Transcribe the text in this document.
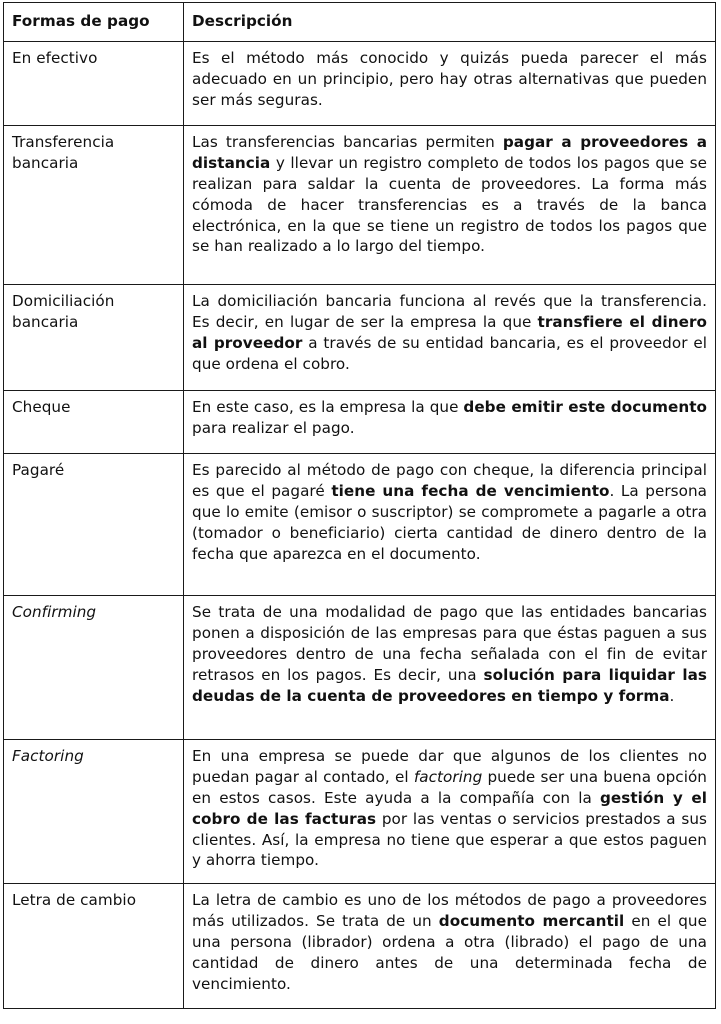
Formas de pago	Descripción
En efectivo	Es el método más conocido y quizás pueda parecer el más adecuado en un principio, pero hay otras alternativas que pueden ser más seguras.
Transferencia bancaria	Las transferencias bancarias permiten pagar a proveedores a distancia y llevar un registro completo de todos los pagos que se realizan para saldar la cuenta de proveedores. La forma más cómoda de hacer transferencias es a través de la banca electrónica, en la que se tiene un registro de todos los pagos que se han realizado a lo largo del tiempo.
Domiciliación bancaria	La domiciliación bancaria funciona al revés que la transferencia. Es decir, en lugar de ser la empresa la que transfiere el dinero al proveedor a través de su entidad bancaria, es el proveedor el que ordena el cobro.
Cheque	En este caso, es la empresa la que debe emitir este documento para realizar el pago.
Pagaré	Es parecido al método de pago con cheque, la diferencia principal es que el pagaré tiene una fecha de vencimiento. La persona que lo emite (emisor o suscriptor) se compromete a pagarle a otra (tomador o beneficiario) cierta cantidad de dinero dentro de la fecha que aparezca en el documento.
Confirming	Se trata de una modalidad de pago que las entidades bancarias ponen a disposición de las empresas para que éstas paguen a sus proveedores dentro de una fecha señalada con el fin de evitar retrasos en los pagos. Es decir, una solución para liquidar las deudas de la cuenta de proveedores en tiempo y forma.
Factoring	En una empresa se puede dar que algunos de los clientes no puedan pagar al contado, el factoring puede ser una buena opción en estos casos. Este ayuda a la compañía con la gestión y el cobro de las facturas por las ventas o servicios prestados a sus clientes. Así, la empresa no tiene que esperar a que estos paguen y ahorra tiempo.
Letra de cambio	La letra de cambio es uno de los métodos de pago a proveedores más utilizados. Se trata de un documento mercantil en el que una persona (librador) ordena a otra (librado) el pago de una cantidad de dinero antes de una determinada fecha de vencimiento.
